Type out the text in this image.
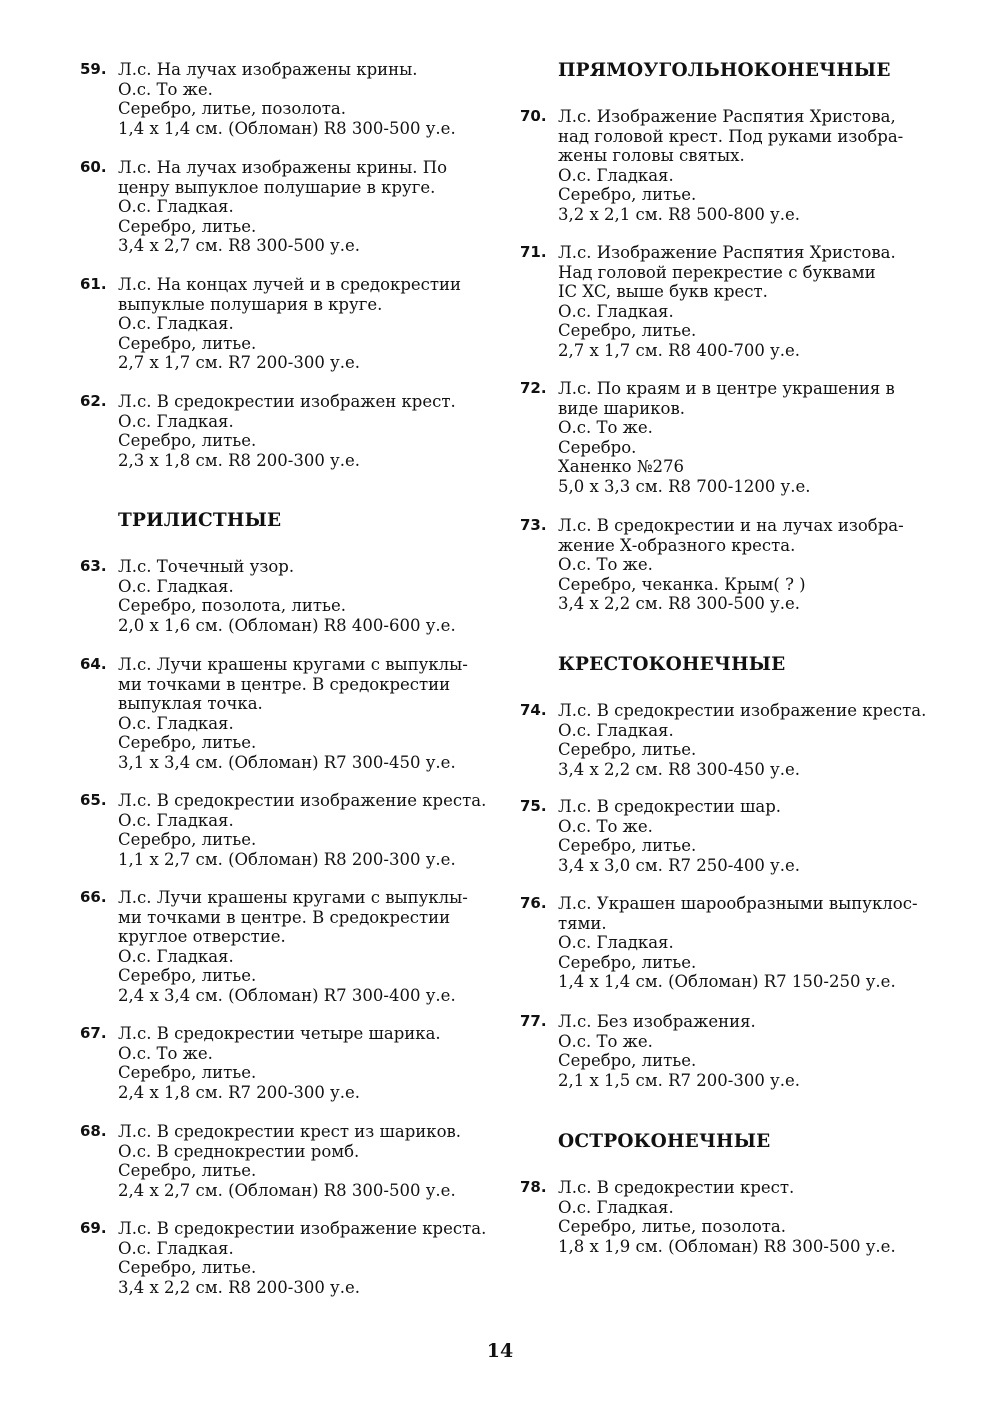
59. Л.с. На лучах изображены крины.
О.с. То же.
Серебро, литье, позолота.
1,4 х 1,4 см. (Обломан) R8 300-500 у.е.
60. Л.с. На лучах изображены крины. По
ценру выпуклое полушарие в круге.
О.с. Гладкая.
Серебро, литье.
3,4 х 2,7 см. R8 300-500 у.е.
61. Л.с. На концах лучей и в средокрестии
выпуклые полушария в круге.
О.с. Гладкая.
Серебро, литье.
2,7 х 1,7 см. R7 200-300 у.е.
62. Л.с. В средокрестии изображен крест.
О.с. Гладкая.
Серебро, литье.
2,3 х 1,8 см. R8 200-300 у.е.
ТРИЛИСТНЫЕ
63. Л.с. Точечный узор.
О.с. Гладкая.
Серебро, позолота, литье.
2,0 х 1,6 см. (Обломан) R8 400-600 у.е.
64. Л.с. Лучи крашены кругами с выпуклы-
ми точками в центре. В средокрестии
выпуклая точка.
О.с. Гладкая.
Серебро, литье.
3,1 х 3,4 см. (Обломан) R7 300-450 у.е.
65. Л.с. В средокрестии изображение креста.
О.с. Гладкая.
Серебро, литье.
1,1 х 2,7 см. (Обломан) R8 200-300 у.е.
66. Л.с. Лучи крашены кругами с выпуклы-
ми точками в центре. В средокрестии
круглое отверстие.
О.с. Гладкая.
Серебро, литье.
2,4 х 3,4 см. (Обломан) R7 300-400 у.е.
67. Л.с. В средокрестии четыре шарика.
О.с. То же.
Серебро, литье.
2,4 х 1,8 см. R7 200-300 у.е.
68. Л.с. В средокрестии крест из шариков.
О.с. В среднокрестии ромб.
Серебро, литье.
2,4 х 2,7 см. (Обломан) R8 300-500 у.е.
69. Л.с. В средокрестии изображение креста.
О.с. Гладкая.
Серебро, литье.
3,4 х 2,2 см. R8 200-300 у.е.
ПРЯМОУГОЛЬНОКОНЕЧНЫЕ
70. Л.с. Изображение Распятия Христова,
над головой крест. Под руками изобра-
жены головы святых.
О.с. Гладкая.
Серебро, литье.
3,2 х 2,1 см. R8 500-800 у.е.
71. Л.с. Изображение Распятия Христова.
Над головой перекрестие с буквами
IC XC, выше букв крест.
О.с. Гладкая.
Серебро, литье.
2,7 х 1,7 см. R8 400-700 у.е.
72. Л.с. По краям и в центре украшения в
виде шариков.
О.с. То же.
Серебро.
Ханенко №276
5,0 х 3,3 см. R8 700-1200 у.е.
73. Л.с. В средокрестии и на лучах изобра-
жение Х-образного креста.
О.с. То же.
Серебро, чеканка. Крым( ? )
3,4 х 2,2 см. R8 300-500 у.е.
КРЕСТОКОНЕЧНЫЕ
74. Л.с. В средокрестии изображение креста.
О.с. Гладкая.
Серебро, литье.
3,4 х 2,2 см. R8 300-450 у.е.
75. Л.с. В средокрестии шар.
О.с. То же.
Серебро, литье.
3,4 х 3,0 см. R7 250-400 у.е.
76. Л.с. Украшен шарообразными выпуклос-
тями.
О.с. Гладкая.
Серебро, литье.
1,4 х 1,4 см. (Обломан) R7 150-250 у.е.
77. Л.с. Без изображения.
О.с. То же.
Серебро, литье.
2,1 х 1,5 см. R7 200-300 у.е.
ОСТРОКОНЕЧНЫЕ
78. Л.с. В средокрестии крест.
О.с. Гладкая.
Серебро, литье, позолота.
1,8 х 1,9 см. (Обломан) R8 300-500 у.е.
14
